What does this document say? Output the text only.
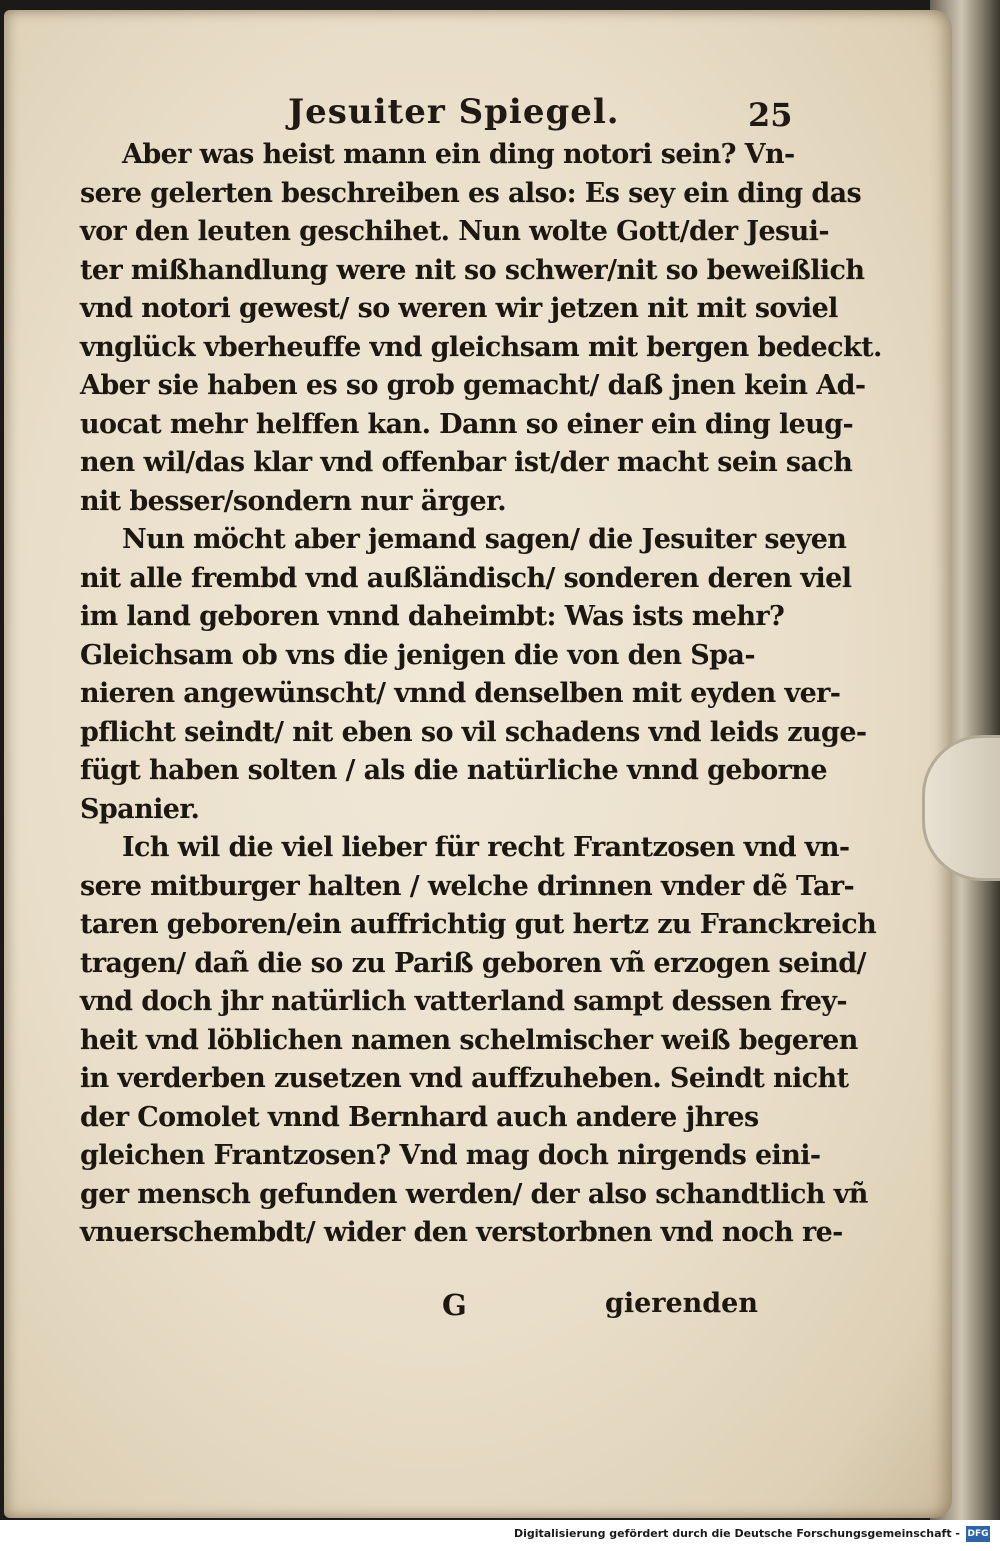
Jesuiter Spiegel.	25
Aber was heist mann ein ding notori sein? Vn-
sere gelerten beschreiben es also: Es sey ein ding das
vor den leuten geschihet. Nun wolte Gott/der Jesui-
ter mißhandlung were nit so schwer/nit so beweißlich
vnd notori gewest/ so weren wir jetzen nit mit soviel
vnglück vberheuffe vnd gleichsam mit bergen bedeckt.
Aber sie haben es so grob gemacht/ daß jnen kein Ad-
uocat mehr helffen kan. Dann so einer ein ding leug-
nen wil/das klar vnd offenbar ist/der macht sein sach
nit besser/sondern nur ärger.
Nun möcht aber jemand sagen/ die Jesuiter seyen
nit alle frembd vnd außländisch/ sonderen deren viel
im land geboren vnnd daheimbt: Was ists mehr?
Gleichsam ob vns die jenigen die von den Spa-
nieren angewünscht/ vnnd denselben mit eyden ver-
pflicht seindt/ nit eben so vil schadens vnd leids zuge-
fügt haben solten / als die natürliche vnnd geborne
Spanier.
Ich wil die viel lieber für recht Frantzosen vnd vn-
sere mitburger halten / welche drinnen vnder dẽ Tar-
taren geboren/ein auffrichtig gut hertz zu Franckreich
tragen/ dañ die so zu Pariß geboren vñ erzogen seind/
vnd doch jhr natürlich vatterland sampt dessen frey-
heit vnd löblichen namen schelmischer weiß begeren
in verderben zusetzen vnd auffzuheben. Seindt nicht
der Comolet vnnd Bernhard auch andere jhres
gleichen Frantzosen? Vnd mag doch nirgends eini-
ger mensch gefunden werden/ der also schandtlich vñ
vnuerschembdt/ wider den verstorbnen vnd noch re-
G	gierenden
Digitalisierung gefördert durch die Deutsche Forschungsgemeinschaft - DFG
